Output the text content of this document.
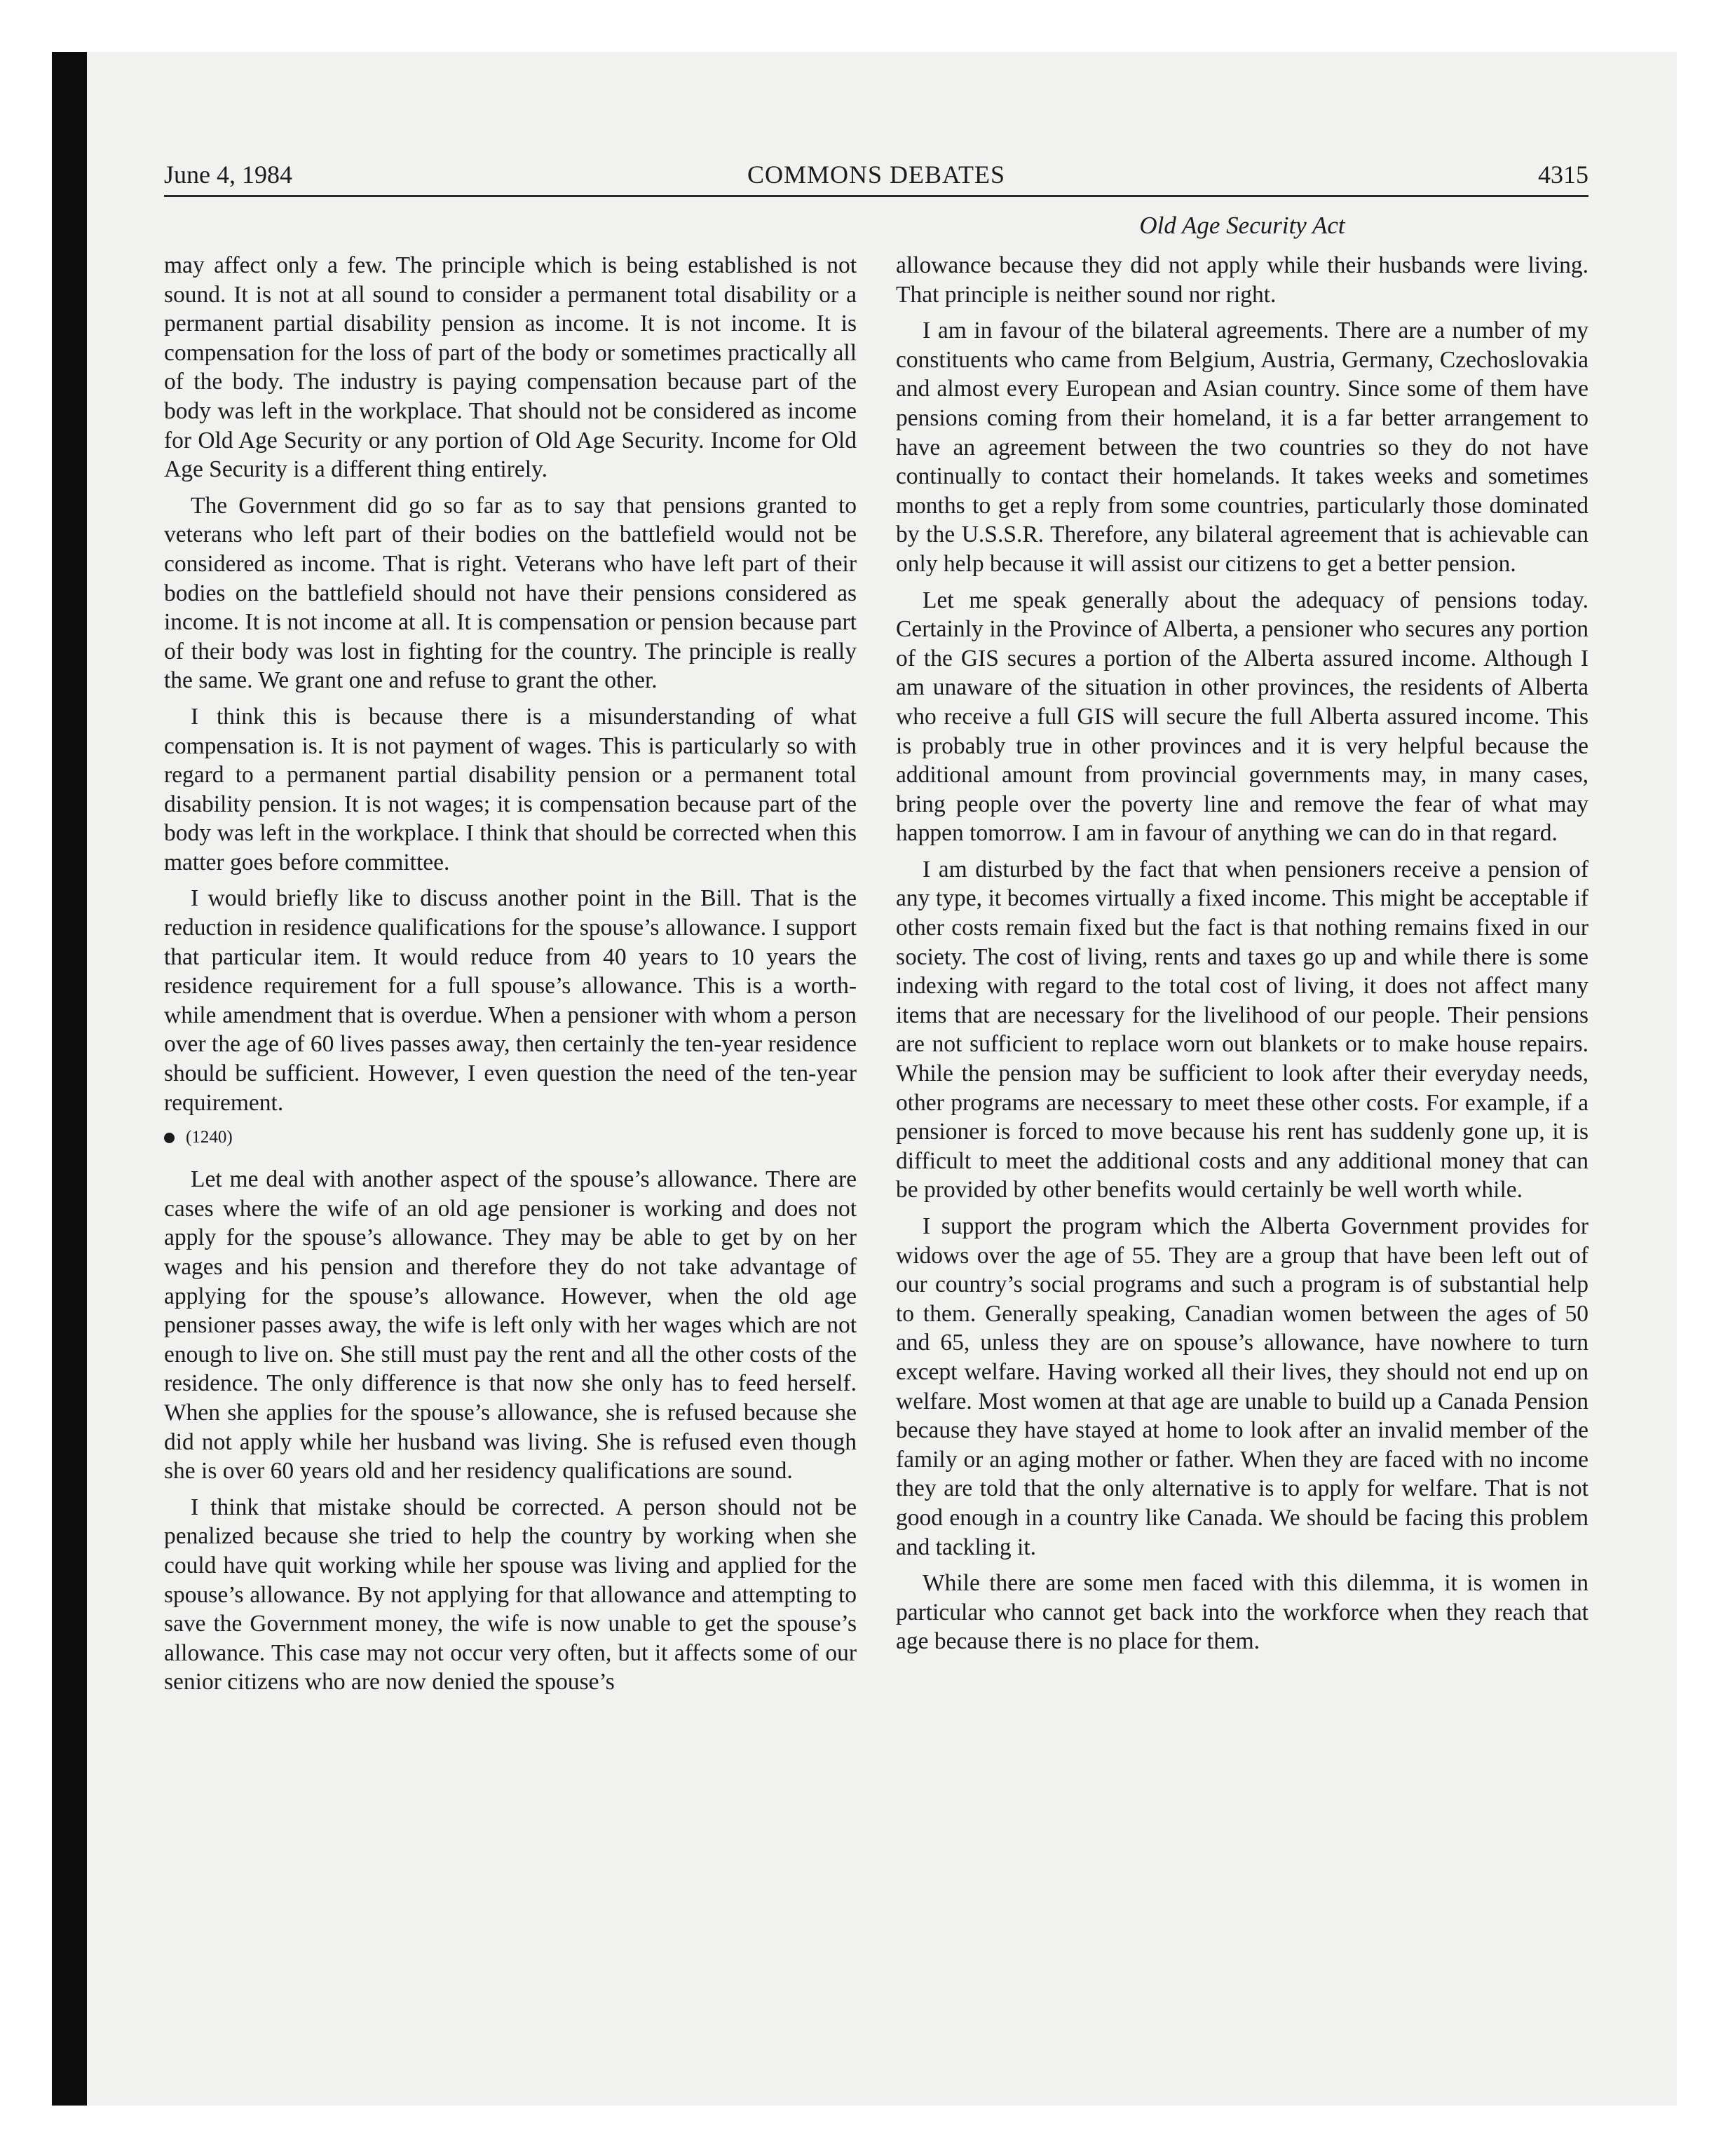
June 4, 1984	COMMONS DEBATES	4315
Old Age Security Act

may affect only a few. The principle which is being established is not sound. It is not at all sound to consider a permanent total disability or a permanent partial disability pension as income. It is not income. It is compensation for the loss of part of the body or sometimes practically all of the body. The industry is paying compensation because part of the body was left in the workplace. That should not be considered as income for Old Age Security or any portion of Old Age Security. Income for Old Age Security is a different thing entirely.

The Government did go so far as to say that pensions granted to veterans who left part of their bodies on the battlefield would not be considered as income. That is right. Veterans who have left part of their bodies on the battlefield should not have their pensions considered as income. It is not income at all. It is compensation or pension because part of their body was lost in fighting for the country. The principle is really the same. We grant one and refuse to grant the other.

I think this is because there is a misunderstanding of what compensation is. It is not payment of wages. This is particularly so with regard to a permanent partial disability pension or a permanent total disability pension. It is not wages; it is compensation because part of the body was left in the workplace. I think that should be corrected when this matter goes before committee.

I would briefly like to discuss another point in the Bill. That is the reduction in residence qualifications for the spouse’s allowance. I support that particular item. It would reduce from 40 years to 10 years the residence requirement for a full spouse’s allowance. This is a worth-while amendment that is overdue. When a pensioner with whom a person over the age of 60 lives passes away, then certainly the ten-year residence should be sufficient. However, I even question the need of the ten-year requirement.

(1240)

Let me deal with another aspect of the spouse’s allowance. There are cases where the wife of an old age pensioner is working and does not apply for the spouse’s allowance. They may be able to get by on her wages and his pension and therefore they do not take advantage of applying for the spouse’s allowance. However, when the old age pensioner passes away, the wife is left only with her wages which are not enough to live on. She still must pay the rent and all the other costs of the residence. The only difference is that now she only has to feed herself. When she applies for the spouse’s allowance, she is refused because she did not apply while her husband was living. She is refused even though she is over 60 years old and her residency qualifications are sound.

I think that mistake should be corrected. A person should not be penalized because she tried to help the country by working when she could have quit working while her spouse was living and applied for the spouse’s allowance. By not applying for that allowance and attempting to save the Government money, the wife is now unable to get the spouse’s allowance. This case may not occur very often, but it affects some of our senior citizens who are now denied the spouse’s

allowance because they did not apply while their husbands were living. That principle is neither sound nor right.

I am in favour of the bilateral agreements. There are a number of my constituents who came from Belgium, Austria, Germany, Czechoslovakia and almost every European and Asian country. Since some of them have pensions coming from their homeland, it is a far better arrangement to have an agreement between the two countries so they do not have continually to contact their homelands. It takes weeks and sometimes months to get a reply from some countries, particularly those dominated by the U.S.S.R. Therefore, any bilateral agreement that is achievable can only help because it will assist our citizens to get a better pension.

Let me speak generally about the adequacy of pensions today. Certainly in the Province of Alberta, a pensioner who secures any portion of the GIS secures a portion of the Alberta assured income. Although I am unaware of the situation in other provinces, the residents of Alberta who receive a full GIS will secure the full Alberta assured income. This is probably true in other provinces and it is very helpful because the additional amount from provincial governments may, in many cases, bring people over the poverty line and remove the fear of what may happen tomorrow. I am in favour of anything we can do in that regard.

I am disturbed by the fact that when pensioners receive a pension of any type, it becomes virtually a fixed income. This might be acceptable if other costs remain fixed but the fact is that nothing remains fixed in our society. The cost of living, rents and taxes go up and while there is some indexing with regard to the total cost of living, it does not affect many items that are necessary for the livelihood of our people. Their pensions are not sufficient to replace worn out blankets or to make house repairs. While the pension may be sufficient to look after their everyday needs, other programs are necessary to meet these other costs. For example, if a pensioner is forced to move because his rent has suddenly gone up, it is difficult to meet the additional costs and any additional money that can be provided by other benefits would certainly be well worth while.

I support the program which the Alberta Government provides for widows over the age of 55. They are a group that have been left out of our country’s social programs and such a program is of substantial help to them. Generally speaking, Canadian women between the ages of 50 and 65, unless they are on spouse’s allowance, have nowhere to turn except welfare. Having worked all their lives, they should not end up on welfare. Most women at that age are unable to build up a Canada Pension because they have stayed at home to look after an invalid member of the family or an aging mother or father. When they are faced with no income they are told that the only alternative is to apply for welfare. That is not good enough in a country like Canada. We should be facing this problem and tackling it.

While there are some men faced with this dilemma, it is women in particular who cannot get back into the workforce when they reach that age because there is no place for them.
